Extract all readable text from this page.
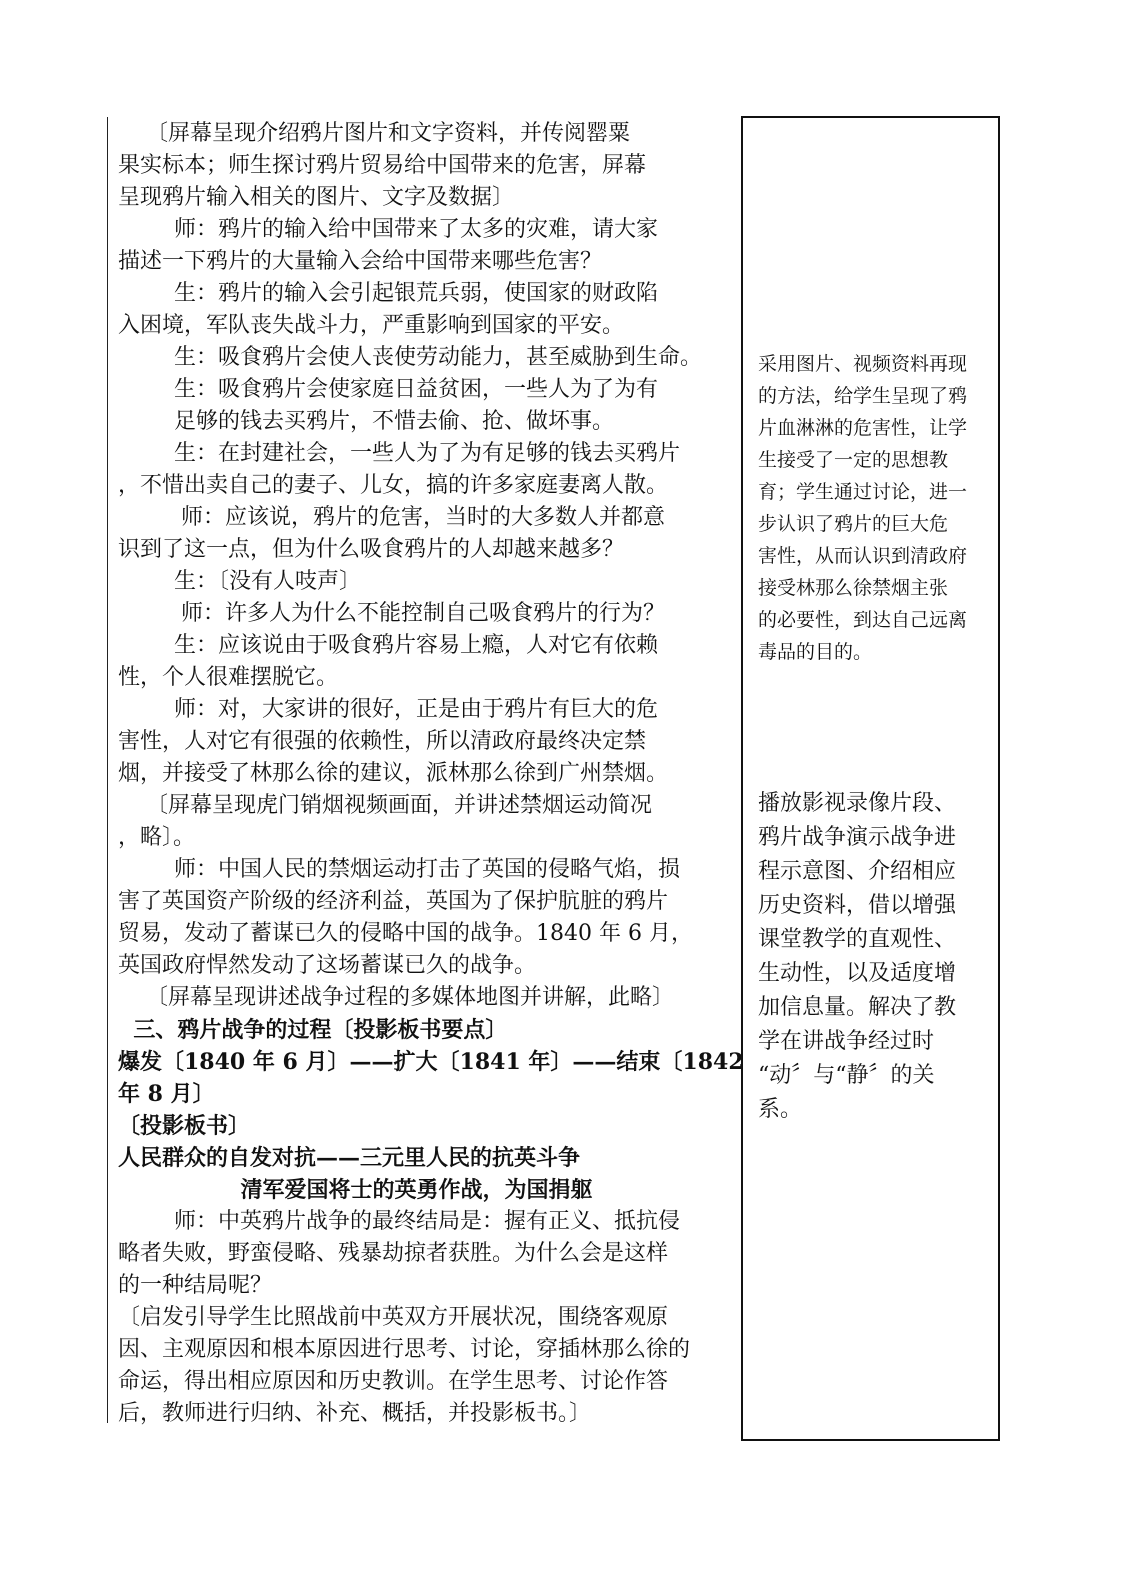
〔屏幕呈现介绍鸦片图片和文字资料，并传阅罂粟
果实标本；师生探讨鸦片贸易给中国带来的危害，屏幕
呈现鸦片输入相关的图片、文字及数据〕
师：鸦片的输入给中国带来了太多的灾难，请大家
描述一下鸦片的大量输入会给中国带来哪些危害？
生：鸦片的输入会引起银荒兵弱，使国家的财政陷
入困境，军队丧失战斗力，严重影响到国家的平安。
生：吸食鸦片会使人丧使劳动能力，甚至威胁到生命。
生：吸食鸦片会使家庭日益贫困，一些人为了为有
足够的钱去买鸦片，不惜去偷、抢、做坏事。
生：在封建社会，一些人为了为有足够的钱去买鸦片
，不惜出卖自己的妻子、儿女，搞的许多家庭妻离人散。
师：应该说，鸦片的危害，当时的大多数人并都意
识到了这一点，但为什么吸食鸦片的人却越来越多？
生：〔没有人吱声〕
师：许多人为什么不能控制自己吸食鸦片的行为？
生：应该说由于吸食鸦片容易上瘾，人对它有依赖
性，个人很难摆脱它。
师：对，大家讲的很好，正是由于鸦片有巨大的危
害性，人对它有很强的依赖性，所以清政府最终决定禁
烟，并接受了林那么徐的建议，派林那么徐到广州禁烟。
〔屏幕呈现虎门销烟视频画面，并讲述禁烟运动简况
，略〕。
师：中国人民的禁烟运动打击了英国的侵略气焰，损
害了英国资产阶级的经济利益，英国为了保护肮脏的鸦片
贸易，发动了蓄谋已久的侵略中国的战争。1840 年 6 月，
英国政府悍然发动了这场蓄谋已久的战争。
〔屏幕呈现讲述战争过程的多媒体地图并讲解，此略〕
三、鸦片战争的过程〔投影板书要点〕
爆发〔1840 年 6 月〕——扩大〔1841 年〕——结束〔1842
年 8 月〕
〔投影板书〕
人民群众的自发对抗——三元里人民的抗英斗争
清军爱国将士的英勇作战，为国捐躯
师：中英鸦片战争的最终结局是：握有正义、抵抗侵
略者失败，野蛮侵略、残暴劫掠者获胜。为什么会是这样
的一种结局呢？
〔启发引导学生比照战前中英双方开展状况，围绕客观原
因、主观原因和根本原因进行思考、讨论，穿插林那么徐的
命运，得出相应原因和历史教训。在学生思考、讨论作答
后，教师进行归纳、补充、概括，并投影板书。〕
采用图片、视频资料再现
的方法，给学生呈现了鸦
片血淋淋的危害性，让学
生接受了一定的思想教
育；学生通过讨论，进一
步认识了鸦片的巨大危
害性，从而认识到清政府
接受林那么徐禁烟主张
的必要性，到达自己远离
毒品的目的。
播放影视录像片段、
鸦片战争演示战争进
程示意图、介绍相应
历史资料，借以增强
课堂教学的直观性、
生动性，以及适度增
加信息量。解决了教
学在讲战争经过时
“动〞与“静〞的关
系。
